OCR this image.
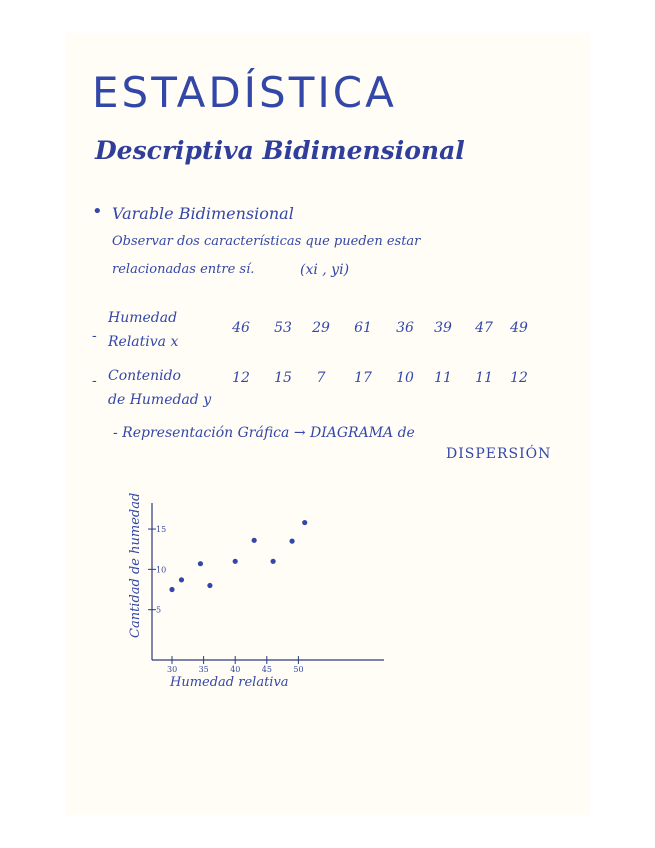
ESTADÍSTICA
Descriptiva Bidimensional
• Varable Bidimensional
Observar dos características que pueden estar
relacionadas entre sí.	(xi , yi)
-
Humedad
Relativa x
46	53	29	61	36	39	47	49
- Contenido
de Humedad y
12	15	7	17	10	11	11	12
- Representación Gráfica → DIAGRAMA de
DISPERSIÓN
30	35	40	45	50
5
10
15
Humedad relativa
Cantidad de humedad
